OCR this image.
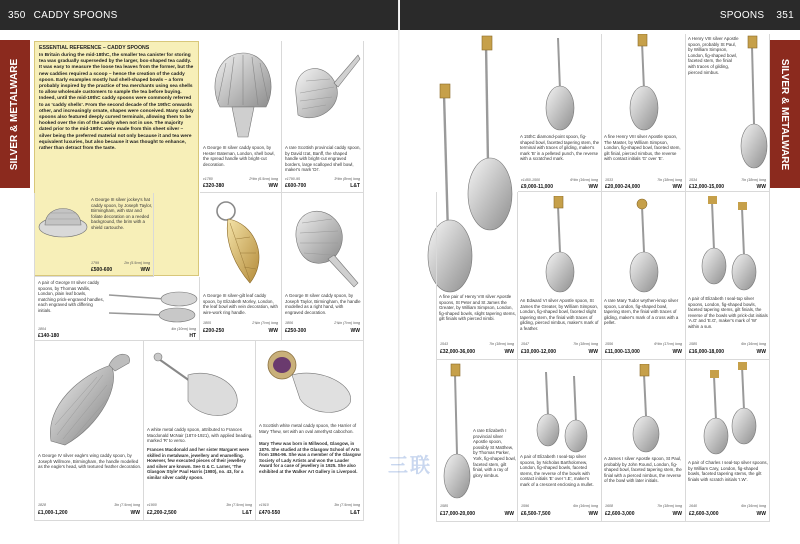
350 CADDY SPOONS
SILVER & METALWARE
ESSENTIAL REFERENCE – CADDY SPOONS
In Britain during the mid-18thC, the smaller tea canister for storing tea was gradually superseded by the larger, box-shaped tea caddy. It was easy to measure the loose tea leaves from the former, but the new caddies required a scoop – hence the creation of the caddy spoon. Early examples mostly had shell-shaped bowls – a form probably inspired by the practice of tea merchants using sea shells to allow wholesale customers to sample the tea before buying. Indeed, until the mid-19thC caddy spoons were commonly referred to as 'caddy shells'. From the second decade of the 19thC onwards other, and increasingly ornate, shapes were conceived. Many caddy spoons also featured deeply curved terminals, allowing them to be hooked over the rim of the caddy when not in use. The majority dated prior to the mid-19thC were made from thin sheet silver – silver being the preferred material not only because it and tea were equivalent luxuries, but also because it was thought to enhance, rather than detract from the taste.	A George III silver caddy spoon, by Hester Bateman, London, shell bowl, the spread handle with bright-cut decoration.
c1780	2½in (6.5cm) long
£320-380	WW
A rare Scottish provincial caddy spoon, by David Izat, Banff, the shaped handle with bright-cut engraved borders, large scalloped shell bowl, maker's mark 'DI'.
c1790-95	3½in (8cm) long
£600-700	L&T
A George III silver jockey's hat caddy spoon, by Joseph Taylor, Birmingham, with star and foliate decoration on a reeded background, the brim with a shield cartouche.
1799	2in (5.5cm) long
£500-600	WW
A George III silver-gilt leaf caddy spoon, by Elizabeth Morley, London, the leaf bowl with vein decoration, with wire-work ring handle.
1805	2¾in (7cm) long
£200-250	WW
A George III silver caddy spoon, by Joseph Taylor, Birmingham, the handle modelled as a right hand, with engraved decoration.
1806	2¾in (7cm) long
£250-300	WW
A pair of George III silver caddy spoons, by Thomas Wallis, London, plain leaf bowls, matching prick-engraved handles, each engraved with differing initials.
1804	4in (10cm) long
£140-180	HT
A George IV silver eagle's wing caddy spoon, by Joseph Willmore, Birmingham, the handle modelled as the eagle's head, with textured feather decoration.
1828	3in (7.5cm) long
£1,000-1,200	WW
A white metal caddy spoon, attributed to Frances Macdonald McNair (1874-1921), with applied beading, marked 'R' to verso.
Frances Macdonald and her sister Margaret were skilled in metalware, jewellery and enamelling. However, few executed pieces of their jewellery and silver are known. See G & C. Larner, 'The Glasgow Style' Paul Harris (1980), no. 43, for a similar silver caddy spoon.
c1900	3in (7.5cm) long
£2,200-2,500	L&T
A Scottish white metal caddy spoon, the Harrier of Mary Thew, set with an oval amethyst cabochon.
Mary Thew was born in Millwood, Glasgow, in 1876. She studied at the Glasgow School of Arts from 1894-96. She was a member of the Glasgow Society of Lady Artists and won the Lauder Award for a case of jewellery in 1925. She also exhibited at the Walker Art Gallery in Liverpool.
c1910	3in (7.5cm) long
£470-550	L&T
SPOONS 351
SILVER & METALWARE
A 15thC diamond-point spoon, fig-shaped bowl, facetted tapering stem, the terminal with traces of gilding, maker's mark 'B' in a pelleted punch, the reverse with a scratched mark.
c1450-1500	6½in (16cm) long
£9,000-11,000	WW
A fine Henry VIII silver Apostle spoon, The Master, by William Simpson, London, fig-shaped bowl, faceted stem, gilt finial, pierced nimbus, the reverse with contact initials 'G' over 'E'.
1533	7in (18cm) long
£20,000-24,000	WW
A Henry VIII silver Apostle spoon, probably St Paul, by William Simpson, London, fig-shaped bowl, faceted stem, the finial with traces of gilding, pierced nimbus.
1534	7in (18cm) long
£12,000-15,000	WW
A fine pair of Henry VIII silver Apostle spoons, St Peter and St James the Greater, by William Simpson, London, fig-shaped bowls, slight tapering stems, gilt finials with pierced nimbi.
1543	7in (18cm) long
£32,000-36,000	WW
An Edward VI silver Apostle spoon, St James the Greater, by William Simpson, London, fig-shaped bowl, faceted slight tapering stem, the finial with traces of gilding, pierced nimbus, maker's mark of a feather.
1547	7in (18cm) long
£10,000-12,000	WW
A rare Mary Tudor wrythen-knop silver spoon, London, fig-shaped bowl, tapering stem, the finial with traces of gilding, maker's mark of a cross with a pellet.
1556	6½in (17cm) long
£11,000-13,000	WW
A pair of Elizabeth I seal-top silver spoons, London, fig-shaped bowls, faceted tapering stems, gilt finials, the reverse of the bowls with prick-dot initials 'A.G' and 'E.G', maker's mark of 'W' within a sun.
1585	6in (16cm) long
£16,000-18,000	WW
A rare Elizabeth I provincial silver Apostle spoon, possibly St Matthew, by Thomas Parker, York, fig-shaped bowl, faceted stem, gilt finial, with a ray of glory nimbus.
1585
£17,000-20,000	WW
A pair of Elizabeth I seal-top silver spoons, by Nicholas Bartholomew, London, fig-shaped bowls, faceted stems, the reverse of the bowls with contact initials 'E' over 'I.E', maker's mark of a crescent enclosing a mullet.
1596	6in (16cm) long
£6,500-7,500	WW
A James I silver Apostle spoon, St Paul, probably by John Round, London, fig-shaped bowl, faceted tapering stem, the finial with a pierced nimbus, the reverse of the bowl with later initials.
1608	7in (18cm) long
£2,600-3,000	WW
A pair of Charles I seal-top silver spoons, by William Cary, London, fig-shaped bowls, faceted tapering stems, the gilt finials with scratch initials 'I.W'.
1640	6in (16cm) long
£2,600-3,000	WW
三联
